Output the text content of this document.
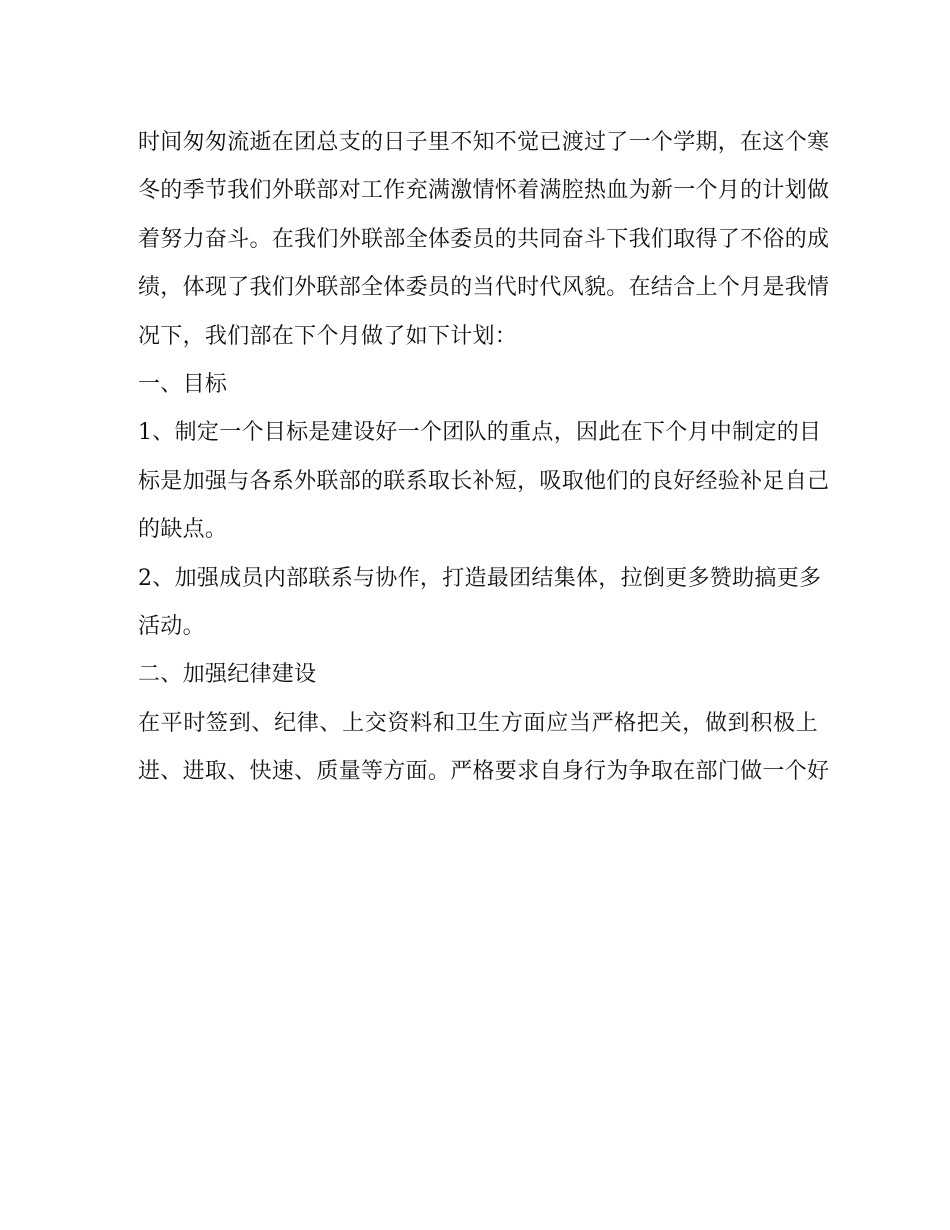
时间匆匆流逝在团总支的日子里不知不觉已渡过了一个学期，在这个寒
冬的季节我们外联部对工作充满激情怀着满腔热血为新一个月的计划做
着努力奋斗。在我们外联部全体委员的共同奋斗下我们取得了不俗的成
绩，体现了我们外联部全体委员的当代时代风貌。在结合上个月是我情
况下，我们部在下个月做了如下计划：
一、目标
1、制定一个目标是建设好一个团队的重点，因此在下个月中制定的目
标是加强与各系外联部的联系取长补短，吸取他们的良好经验补足自己
的缺点。
2、加强成员内部联系与协作，打造最团结集体，拉倒更多赞助搞更多
活动。
二、加强纪律建设
在平时签到、纪律、上交资料和卫生方面应当严格把关，做到积极上
进、进取、快速、质量等方面。严格要求自身行为争取在部门做一个好
